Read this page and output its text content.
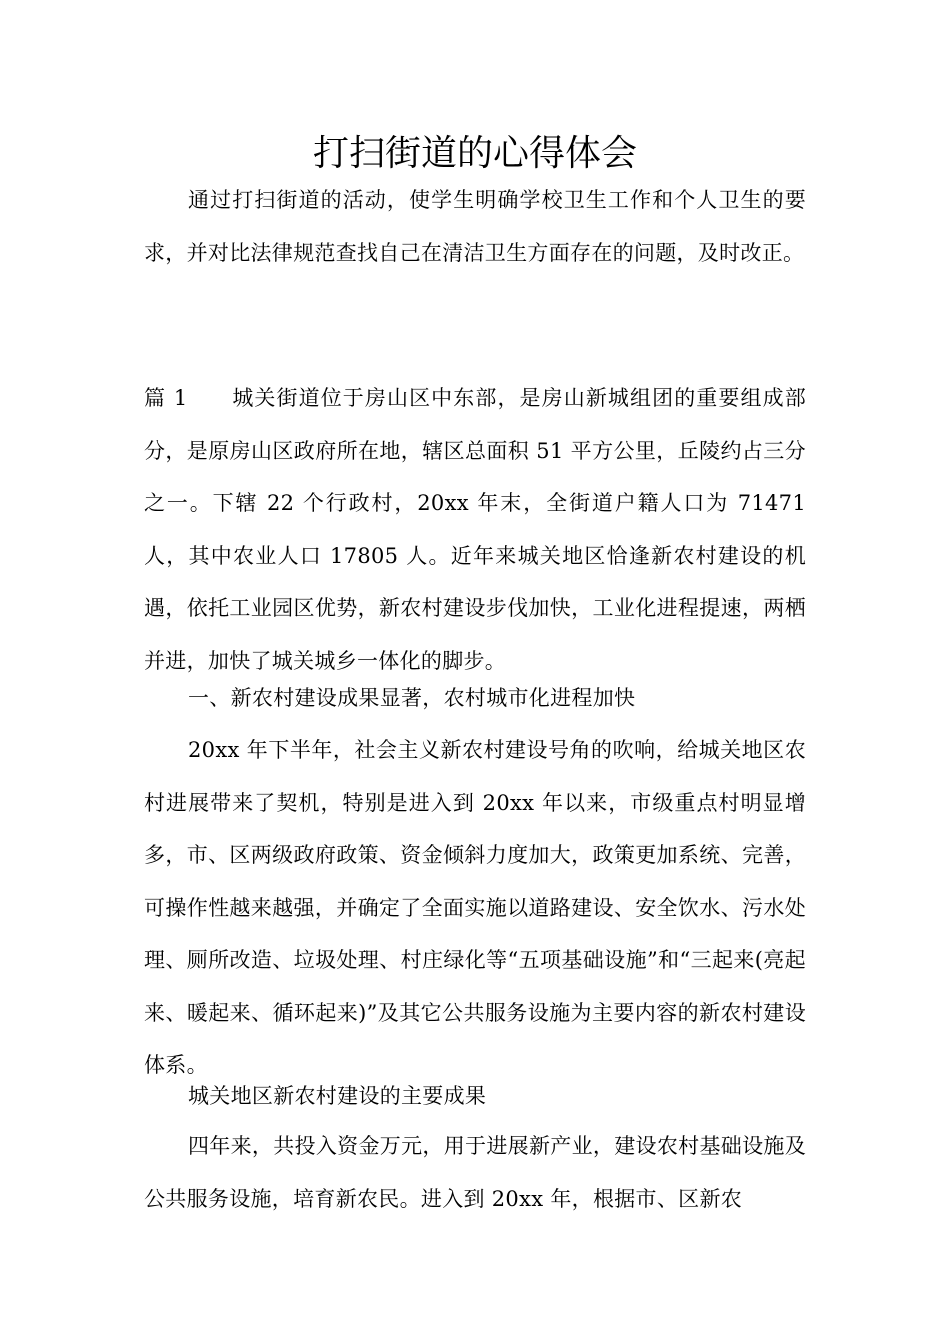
打扫街道的心得体会

通过打扫街道的活动，使学生明确学校卫生工作和个人卫生的要求，并对比法律规范查找自己在清洁卫生方面存在的问题，及时改正。

篇 1 城关街道位于房山区中东部，是房山新城组团的重要组成部分，是原房山区政府所在地，辖区总面积 51 平方公里，丘陵约占三分之一。下辖 22 个行政村，20xx 年末，全街道户籍人口为 71471 人，其中农业人口 17805 人。近年来城关地区恰逢新农村建设的机遇，依托工业园区优势，新农村建设步伐加快，工业化进程提速，两栖并进，加快了城关城乡一体化的脚步。

一、新农村建设成果显著，农村城市化进程加快

20xx 年下半年，社会主义新农村建设号角的吹响，给城关地区农村进展带来了契机，特别是进入到 20xx 年以来，市级重点村明显增多，市、区两级政府政策、资金倾斜力度加大，政策更加系统、完善，可操作性越来越强，并确定了全面实施以道路建设、安全饮水、污水处理、厕所改造、垃圾处理、村庄绿化等“五项基础设施”和“三起来(亮起来、暖起来、循环起来)”及其它公共服务设施为主要内容的新农村建设体系。

城关地区新农村建设的主要成果

四年来，共投入资金万元，用于进展新产业，建设农村基础设施及公共服务设施，培育新农民。进入到 20xx 年，根据市、区新农
